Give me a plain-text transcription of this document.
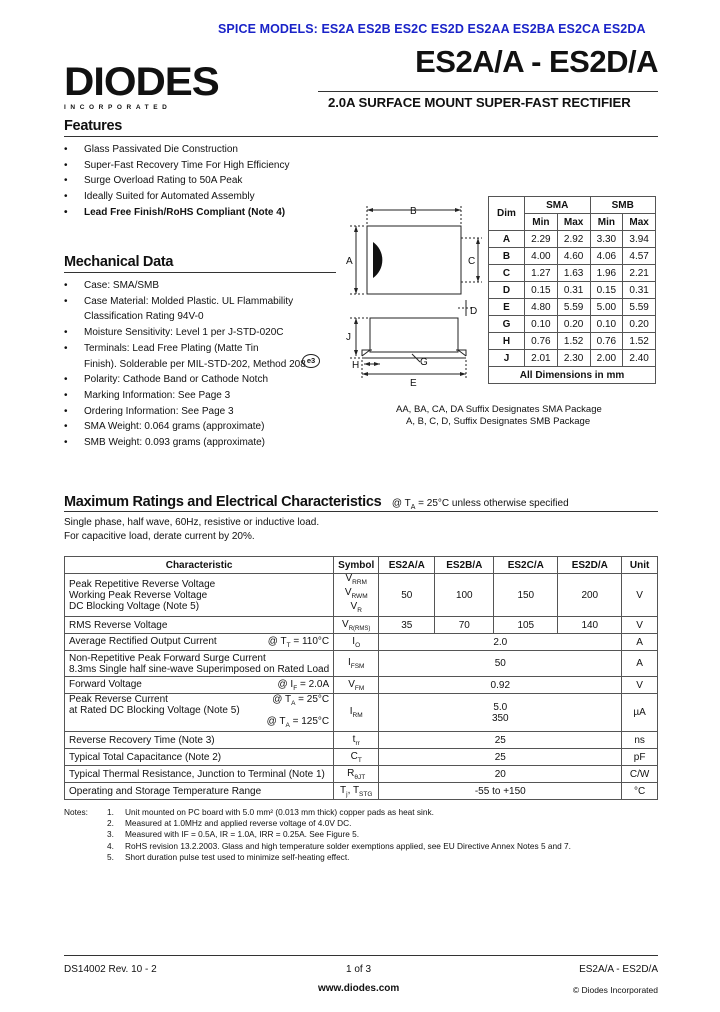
SPICE MODELS: ES2A ES2B ES2C ES2D ES2AA ES2BA ES2CA ES2DA
DIODES
INCORPORATED
ES2A/A - ES2D/A
2.0A SURFACE MOUNT SUPER-FAST RECTIFIER
Features
• Glass Passivated Die Construction
• Super-Fast Recovery Time For High Efficiency
• Surge Overload Rating to 50A Peak
• Ideally Suited for Automated Assembly
• Lead Free Finish/RoHS Compliant (Note 4)
Mechanical Data
• Case: SMA/SMB
• Case Material: Molded Plastic. UL Flammability
Classification Rating 94V-0
• Moisture Sensitivity: Level 1 per J-STD-020C
• Terminals: Lead Free Plating (Matte Tin
Finish). Solderable per MIL-STD-202, Method 208
• Polarity: Cathode Band or Cathode Notch
• Marking Information: See Page 3
• Ordering Information: See Page 3
• SMA Weight: 0.064 grams (approximate)
• SMB Weight: 0.093 grams (approximate)
e3
B
A	C
D
J
G
H
E
Dim	SMA		SMB	
	Min	Max	Min	Max
A	2.29	2.92	3.30	3.94
B	4.00	4.60	4.06	4.57
C	1.27	1.63	1.96	2.21
D	0.15	0.31	0.15	0.31
E	4.80	5.59	5.00	5.59
G	0.10	0.20	0.10	0.20
H	0.76	1.52	0.76	1.52
J	2.01	2.30	2.00	2.40
All Dimensions in mm				
AA, BA, CA, DA Suffix Designates SMA Package
A, B, C, D, Suffix Designates SMB Package
Maximum Ratings and Electrical Characteristics @ $T_A = 25^\circ C$ unless otherwise specified
Single phase, half wave, 60Hz, resistive or inductive load.
For capacitive load, derate current by 20%.
Characteristic	Symbol	ES2A/A	ES2B/A	ES2C/A	ES2D/A	Unit

Peak Repetitive Reverse Voltage
Working Peak Reverse Voltage
DC Blocking Voltage (Note 5)	$V_{RRM}$
$V_{RWM}$
$V_R$	50	100	150	200	V
RMS Reverse Voltage	$V_{R(RMS)}$	35	70	105	140	V
Average Rectified Output Current @ $T_T = 110^\circ C$	$I_O$	2.0				A

Non-Repetitive Peak Forward Surge Current
8.3ms Single half sine-wave Superimposed on Rated Load	$I_{FSM}$	50				A
Forward Voltage @ $I_F = 2.0A$	$V_{FM}$	0.92				V

Peak Reverse Current @ $T_A = 25^\circ C$
at Rated DC Blocking Voltage (Note 5)
@ $T_A = 125^\circ C$	$I_{RM}$	5.0
350				µA
Reverse Recovery Time (Note 3)	$t_{rr}$	25				ns
Typical Total Capacitance (Note 2)	$C_T$	25				pF
Typical Thermal Resistance, Junction to Terminal (Note 1)	$R_{\theta JT}$	20				C/W
Operating and Storage Temperature Range	$T_j$, $T_{STG}$	-55 to +150				°C
Notes: 1. Unit mounted on PC board with 5.0 mm² (0.013 mm thick) copper pads as heat sink.
2. Measured at 1.0MHz and applied reverse voltage of 4.0V DC.
3. Measured with IF = 0.5A, IR = 1.0A, IRR = 0.25A. See Figure 5.
4. RoHS revision 13.2.2003. Glass and high temperature solder exemptions applied, see EU Directive Annex Notes 5 and 7.
5. Short duration pulse test used to minimize self-heating effect.
DS14002 Rev. 10 - 2	1 of 3
www.diodes.com
ES2A/A - ES2D/A
© Diodes Incorporated
